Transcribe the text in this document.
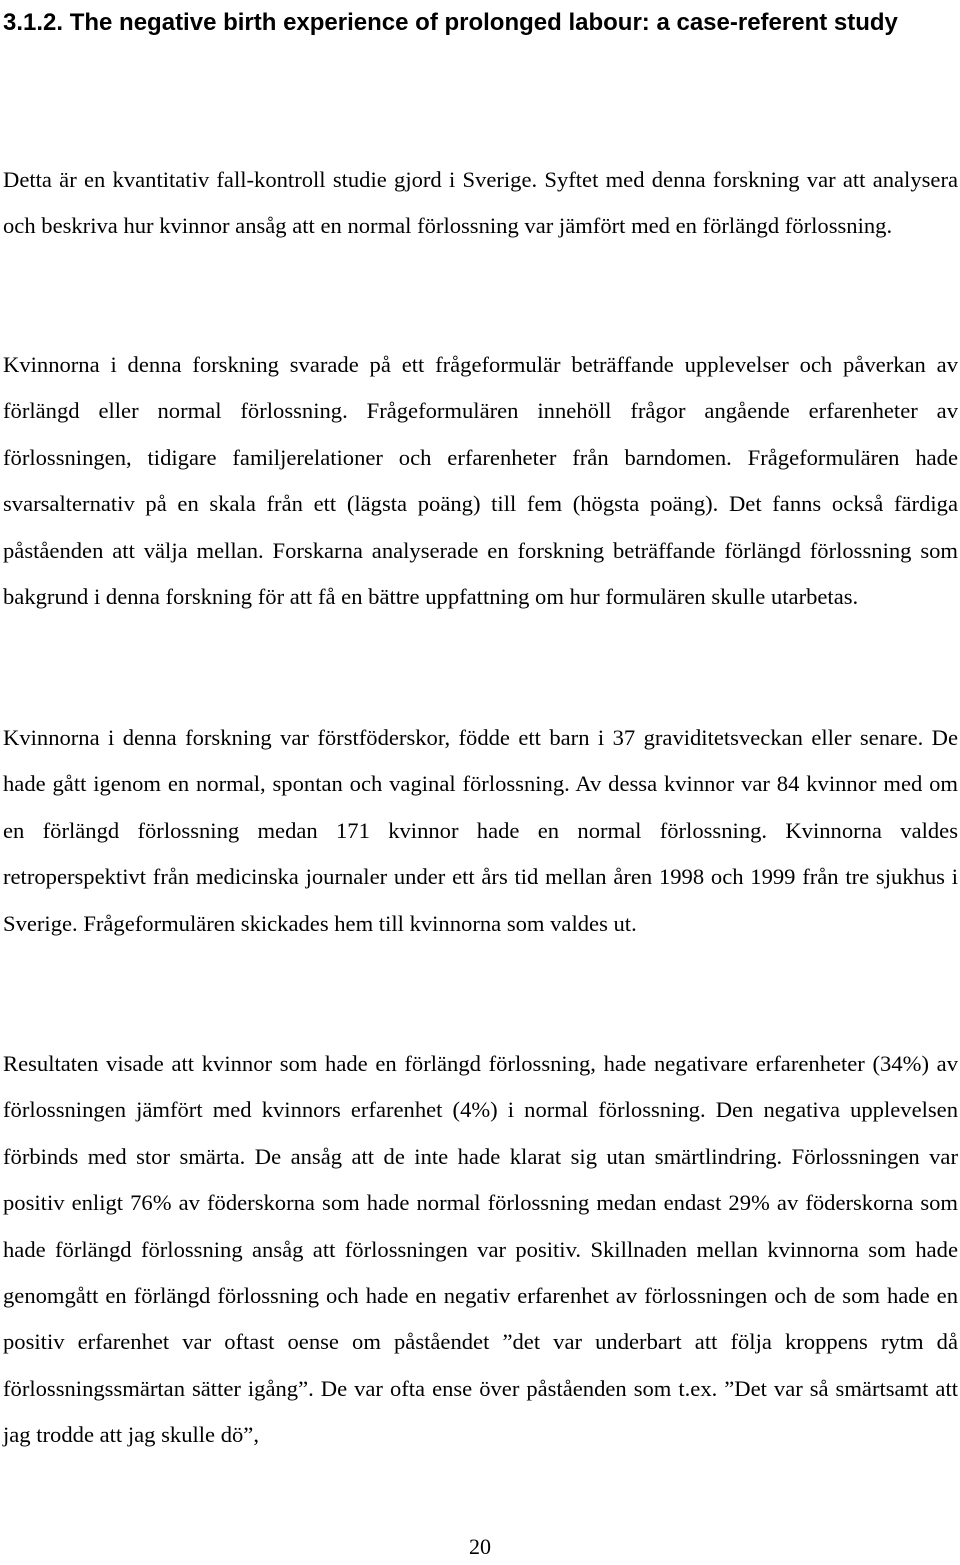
3.1.2. The negative birth experience of prolonged labour: a case-referent study

Detta är en kvantitativ fall-kontroll studie gjord i Sverige. Syftet med denna forskning var att analysera och beskriva hur kvinnor ansåg att en normal förlossning var jämfört med en förlängd förlossning.

Kvinnorna i denna forskning svarade på ett frågeformulär beträffande upplevelser och påverkan av förlängd eller normal förlossning. Frågeformulären innehöll frågor angående erfarenheter av förlossningen, tidigare familjerelationer och erfarenheter från barndomen. Frågeformulären hade svarsalternativ på en skala från ett (lägsta poäng) till fem (högsta poäng). Det fanns också färdiga påståenden att välja mellan. Forskarna analyserade en forskning beträffande förlängd förlossning som bakgrund i denna forskning för att få en bättre uppfattning om hur formulären skulle utarbetas.

Kvinnorna i denna forskning var förstföderskor, födde ett barn i 37 graviditetsveckan eller senare. De hade gått igenom en normal, spontan och vaginal förlossning. Av dessa kvinnor var 84 kvinnor med om en förlängd förlossning medan 171 kvinnor hade en normal förlossning. Kvinnorna valdes retroperspektivt från medicinska journaler under ett års tid mellan åren 1998 och 1999 från tre sjukhus i Sverige. Frågeformulären skickades hem till kvinnorna som valdes ut.

Resultaten visade att kvinnor som hade en förlängd förlossning, hade negativare erfarenheter (34%) av förlossningen jämfört med kvinnors erfarenhet (4%) i normal förlossning. Den negativa upplevelsen förbinds med stor smärta. De ansåg att de inte hade klarat sig utan smärtlindring. Förlossningen var positiv enligt 76% av föderskorna som hade normal förlossning medan endast 29% av föderskorna som hade förlängd förlossning ansåg att förlossningen var positiv. Skillnaden mellan kvinnorna som hade genomgått en förlängd förlossning och hade en negativ erfarenhet av förlossningen och de som hade en positiv erfarenhet var oftast oense om påståendet ”det var underbart att följa kroppens rytm då förlossningssmärtan sätter igång”. De var ofta ense över påståenden som t.ex. ”Det var så smärtsamt att jag trodde att jag skulle dö”,

20
